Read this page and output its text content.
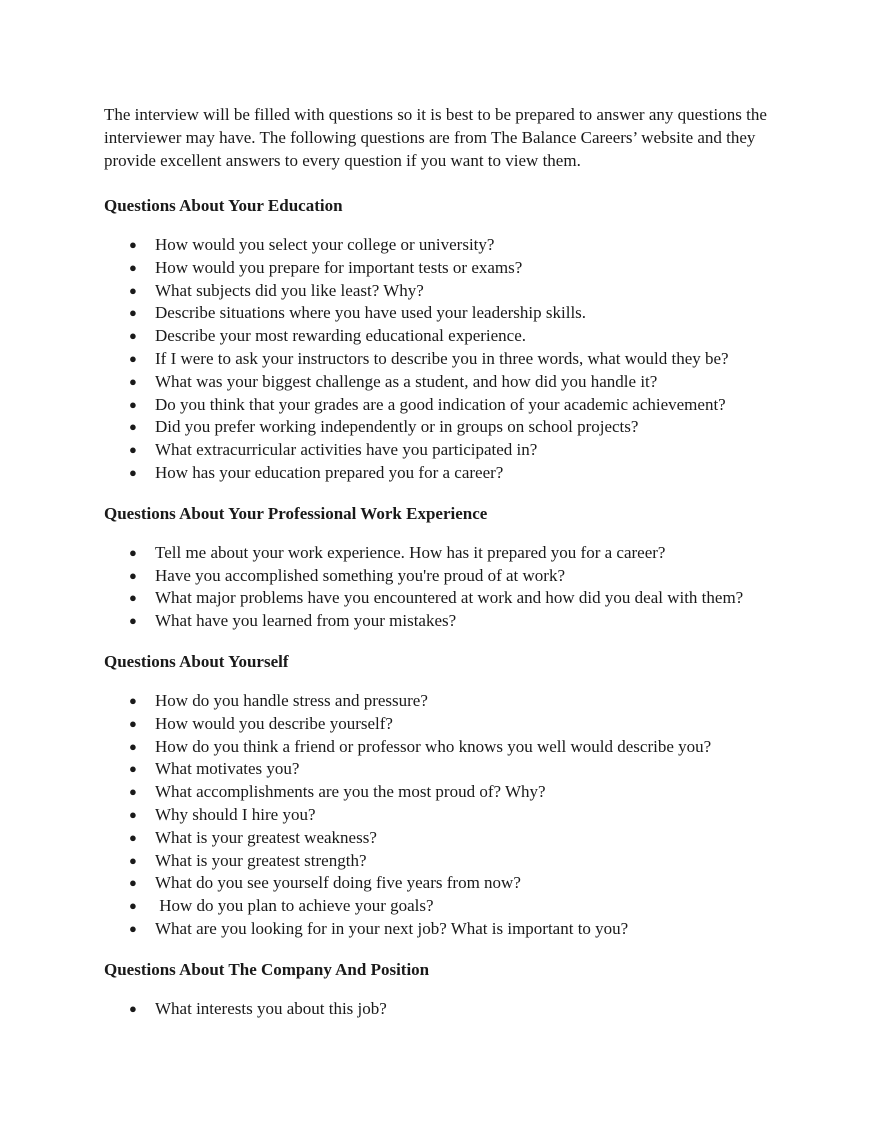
The interview will be filled with questions so it is best to be prepared to answer any questions the interviewer may have. The following questions are from The Balance Careers’ website and they provide excellent answers to every question if you want to view them.

Questions About Your Education
● How would you select your college or university?
● How would you prepare for important tests or exams?
● What subjects did you like least? Why?
● Describe situations where you have used your leadership skills.
● Describe your most rewarding educational experience.
● If I were to ask your instructors to describe you in three words, what would they be?
● What was your biggest challenge as a student, and how did you handle it?
● Do you think that your grades are a good indication of your academic achievement?
● Did you prefer working independently or in groups on school projects?
● What extracurricular activities have you participated in?
● How has your education prepared you for a career?
Questions About Your Professional Work Experience
● Tell me about your work experience. How has it prepared you for a career?
● Have you accomplished something you're proud of at work?
● What major problems have you encountered at work and how did you deal with them?
● What have you learned from your mistakes?
Questions About Yourself
● How do you handle stress and pressure?
● How would you describe yourself?
● How do you think a friend or professor who knows you well would describe you?
● What motivates you?
● What accomplishments are you the most proud of? Why?
● Why should I hire you?
● What is your greatest weakness?
● What is your greatest strength?
● What do you see yourself doing five years from now?
● How do you plan to achieve your goals?
● What are you looking for in your next job? What is important to you?
Questions About The Company And Position
● What interests you about this job?
